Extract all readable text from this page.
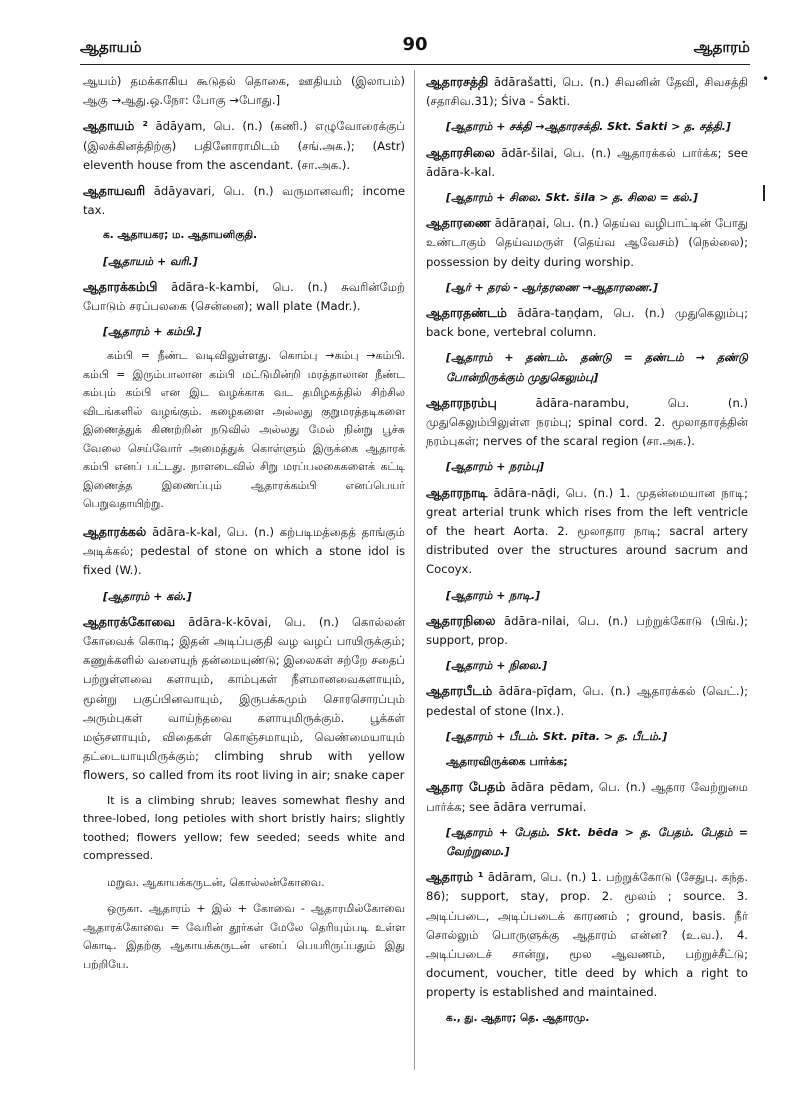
ஆதாயம்	90	ஆதாரம்
•
ஆயம்) தமக்காகிய கூடுதல் தொகை, ஊதியம் (இலாபம்) ஆகு →ஆது.ஒ.நோ: போகு →போது.]
ஆதாயம் ² ādāyam, பெ. (n.) (கணி.) எழுவோரைக்குப் (இலக்கினத்திற்கு) பதினோராமிடம் (சங்.அக.); (Astr) eleventh house from the ascendant. (சா.அக.).
ஆதாயவரி ādāyavari, பெ. (n.) வருமானவரி; income tax.
க. ஆதாயகர; ம. ஆதாயனிகுதி.
[ஆதாயம் + வரி.]
ஆதாரக்கம்பி ādāra-k-kambi, பெ. (n.) சுவரின்மேற் போடும் சரப்பலகை (சென்னை); wall plate (Madr.).
[ஆதாரம் + கம்பி.]
கம்பி = நீண்ட வடிவிலுள்ளது. கொம்பு →கம்பு →கம்பி. கம்பி = இரும்பாலான கம்பி மட்டுமின்றி மரத்தாலான நீண்ட கம்பும் கம்பி என இட வழக்காக வட தமிழகத்தில் சிற்சில விடங்களில் வழங்கும். கழைகளை அல்லது குறுமரத்தடிகளை இணைத்துக் கிணற்றின் நடுவில் அல்லது மேல் நின்று பூச்சு வேலை செய்வோர் அமைத்துக் கொள்ளும் இருக்கை ஆதாரக் கம்பி எனப் பட்டது. நாளடைவில் சிறு மரப்பலகைகளைக் கட்டி இணைத்த இணைப்பும் ஆதாரக்கம்பி எனப்பெயர் பெறுவதாயிற்று.
ஆதாரக்கல் ādāra-k-kal, பெ. (n.) கற்படிமத்தைத் தாங்கும் அடிக்கல்; pedestal of stone on which a stone idol is fixed (W.).
[ஆதாரம் + கல்.]
ஆதாரக்கோவை ādāra-k-kōvai, பெ. (n.) கொல்லன் கோவைக் கொடி; இதன் அடிப்பகுதி வழ வழப் பாயிருக்கும்; கணுக்களில் வளையுந் தன்மையுண்டு; இலைகள் சற்றே சதைப் பற்றுள்ளவை களாயும், காம்புகள் நீளமானவைகளாயும், மூன்று பகுப்பினவாயும், இருபக்கமும் சொரசொரப்பும் அரும்புகள் வாய்ந்தவை களாயுமிருக்கும். பூக்கள் மஞ்சளாயும், விதைகள் கொஞ்சமாயும், வெண்மையாயும் தட்டையாயுமிருக்கும்; climbing shrub with yellow flowers, so called from its root living in air; snake caper
It is a climbing shrub; leaves somewhat fleshy and three-lobed, long petioles with short bristly hairs; slightly toothed; flowers yellow; few seeded; seeds white and compressed.
மறுவ. ஆகாயக்கருடன், கொல்லன்கோவை.
ஒருகா. ஆதாரம் + இல் + கோவை - ஆதாரமில்கோவை ஆதாரக்கோவை = வேரின் தூர்கள் மேலே தெரியும்படி உள்ள கொடி. இதற்கு ஆகாயக்கருடன் எனப் பெயரிருப்பதும் இது பற்றியே.
ஆதாரசத்தி ādārašatti, பெ. (n.) சிவனின் தேவி, சிவசத்தி (சதாசிவ.31); Śiva - Śakti.
[ஆதாரம் + சக்தி →ஆதாரசக்தி. Skt. Śakti > த. சத்தி.]
ஆதாரசிலை ādār-šilai, பெ. (n.) ஆதாரக்கல் பார்க்க; see ādāra-k-kal.
[ஆதாரம் + சிலை. Skt. šila > த. சிலை = கல்.]
ஆதாரணை ādāraṇai, பெ. (n.) தெய்வ வழிபாட்டின் போது உண்டாகும் தெய்வமருள் (தெய்வ ஆவேசம்) (நெல்லை); possession by deity during worship.
[ஆர் + தரல் - ஆர்தரணை →ஆதாரணை.]
ஆதாரதண்டம் ādāra-taṇḍam, பெ. (n.) முதுகெலும்பு; back bone, vertebral column.
[ஆதாரம் + தண்டம். தண்டு = தண்டம் → தண்டு போன்றிருக்கும் முதுகெலும்பு]
ஆதாரநரம்பு	ādāra-narambu, பெ. (n.) முதுகெலும்பிலுள்ள நரம்பு; spinal cord. 2. மூலாதாரத்தின் நரம்புகள்; nerves of the scaral region (சா.அக.).
[ஆதாரம் + நரம்பு]
ஆதாரநாடி ādāra-nāḍi, பெ. (n.) 1. முதன்மையான நாடி; great arterial trunk which rises from the left ventricle of the heart Aorta. 2. மூலாதார நாடி; sacral artery distributed over the structures around sacrum and Cocoyx.
[ஆதாரம் + நாடி.]
ஆதாரநிலை ādāra-nilai, பெ. (n.) பற்றுக்கோடு (பிங்.); support, prop.
[ஆதாரம் + நிலை.]
ஆதாரபீடம் ādāra-pīḍam, பெ. (n.) ஆதாரக்கல் (வெட்.); pedestal of stone (lnx.).
[ஆதாரம் + பீடம். Skt. pīta. > த. பீடம்.]
ஆதாரவிருக்கை பார்க்க;
ஆதார பேதம் ādāra pēdam, பெ. (n.) ஆதார வேற்றுமை பார்க்க; see ādāra verrumai.
[ஆதாரம் + பேதம். Skt. bēda > த. பேதம். பேதம் = வேற்றுமை.]
ஆதாரம் ¹ ādāram, பெ. (n.) 1. பற்றுக்கோடு (சேதுபு. கந்த. 86); support, stay, prop. 2. மூலம் ; source. 3. அடிப்படை, அடிப்படைக் காரணம் ; ground, basis. நீர் சொல்லும் பொருளுக்கு ஆதாரம் என்ன? (உ.வ.). 4. அடிப்படைச் சான்று, மூல ஆவணம், பற்றுச்சீட்டு; document, voucher, title deed by which a right to property is established and maintained.
க., து. ஆதார; தெ. ஆதாரமு.
